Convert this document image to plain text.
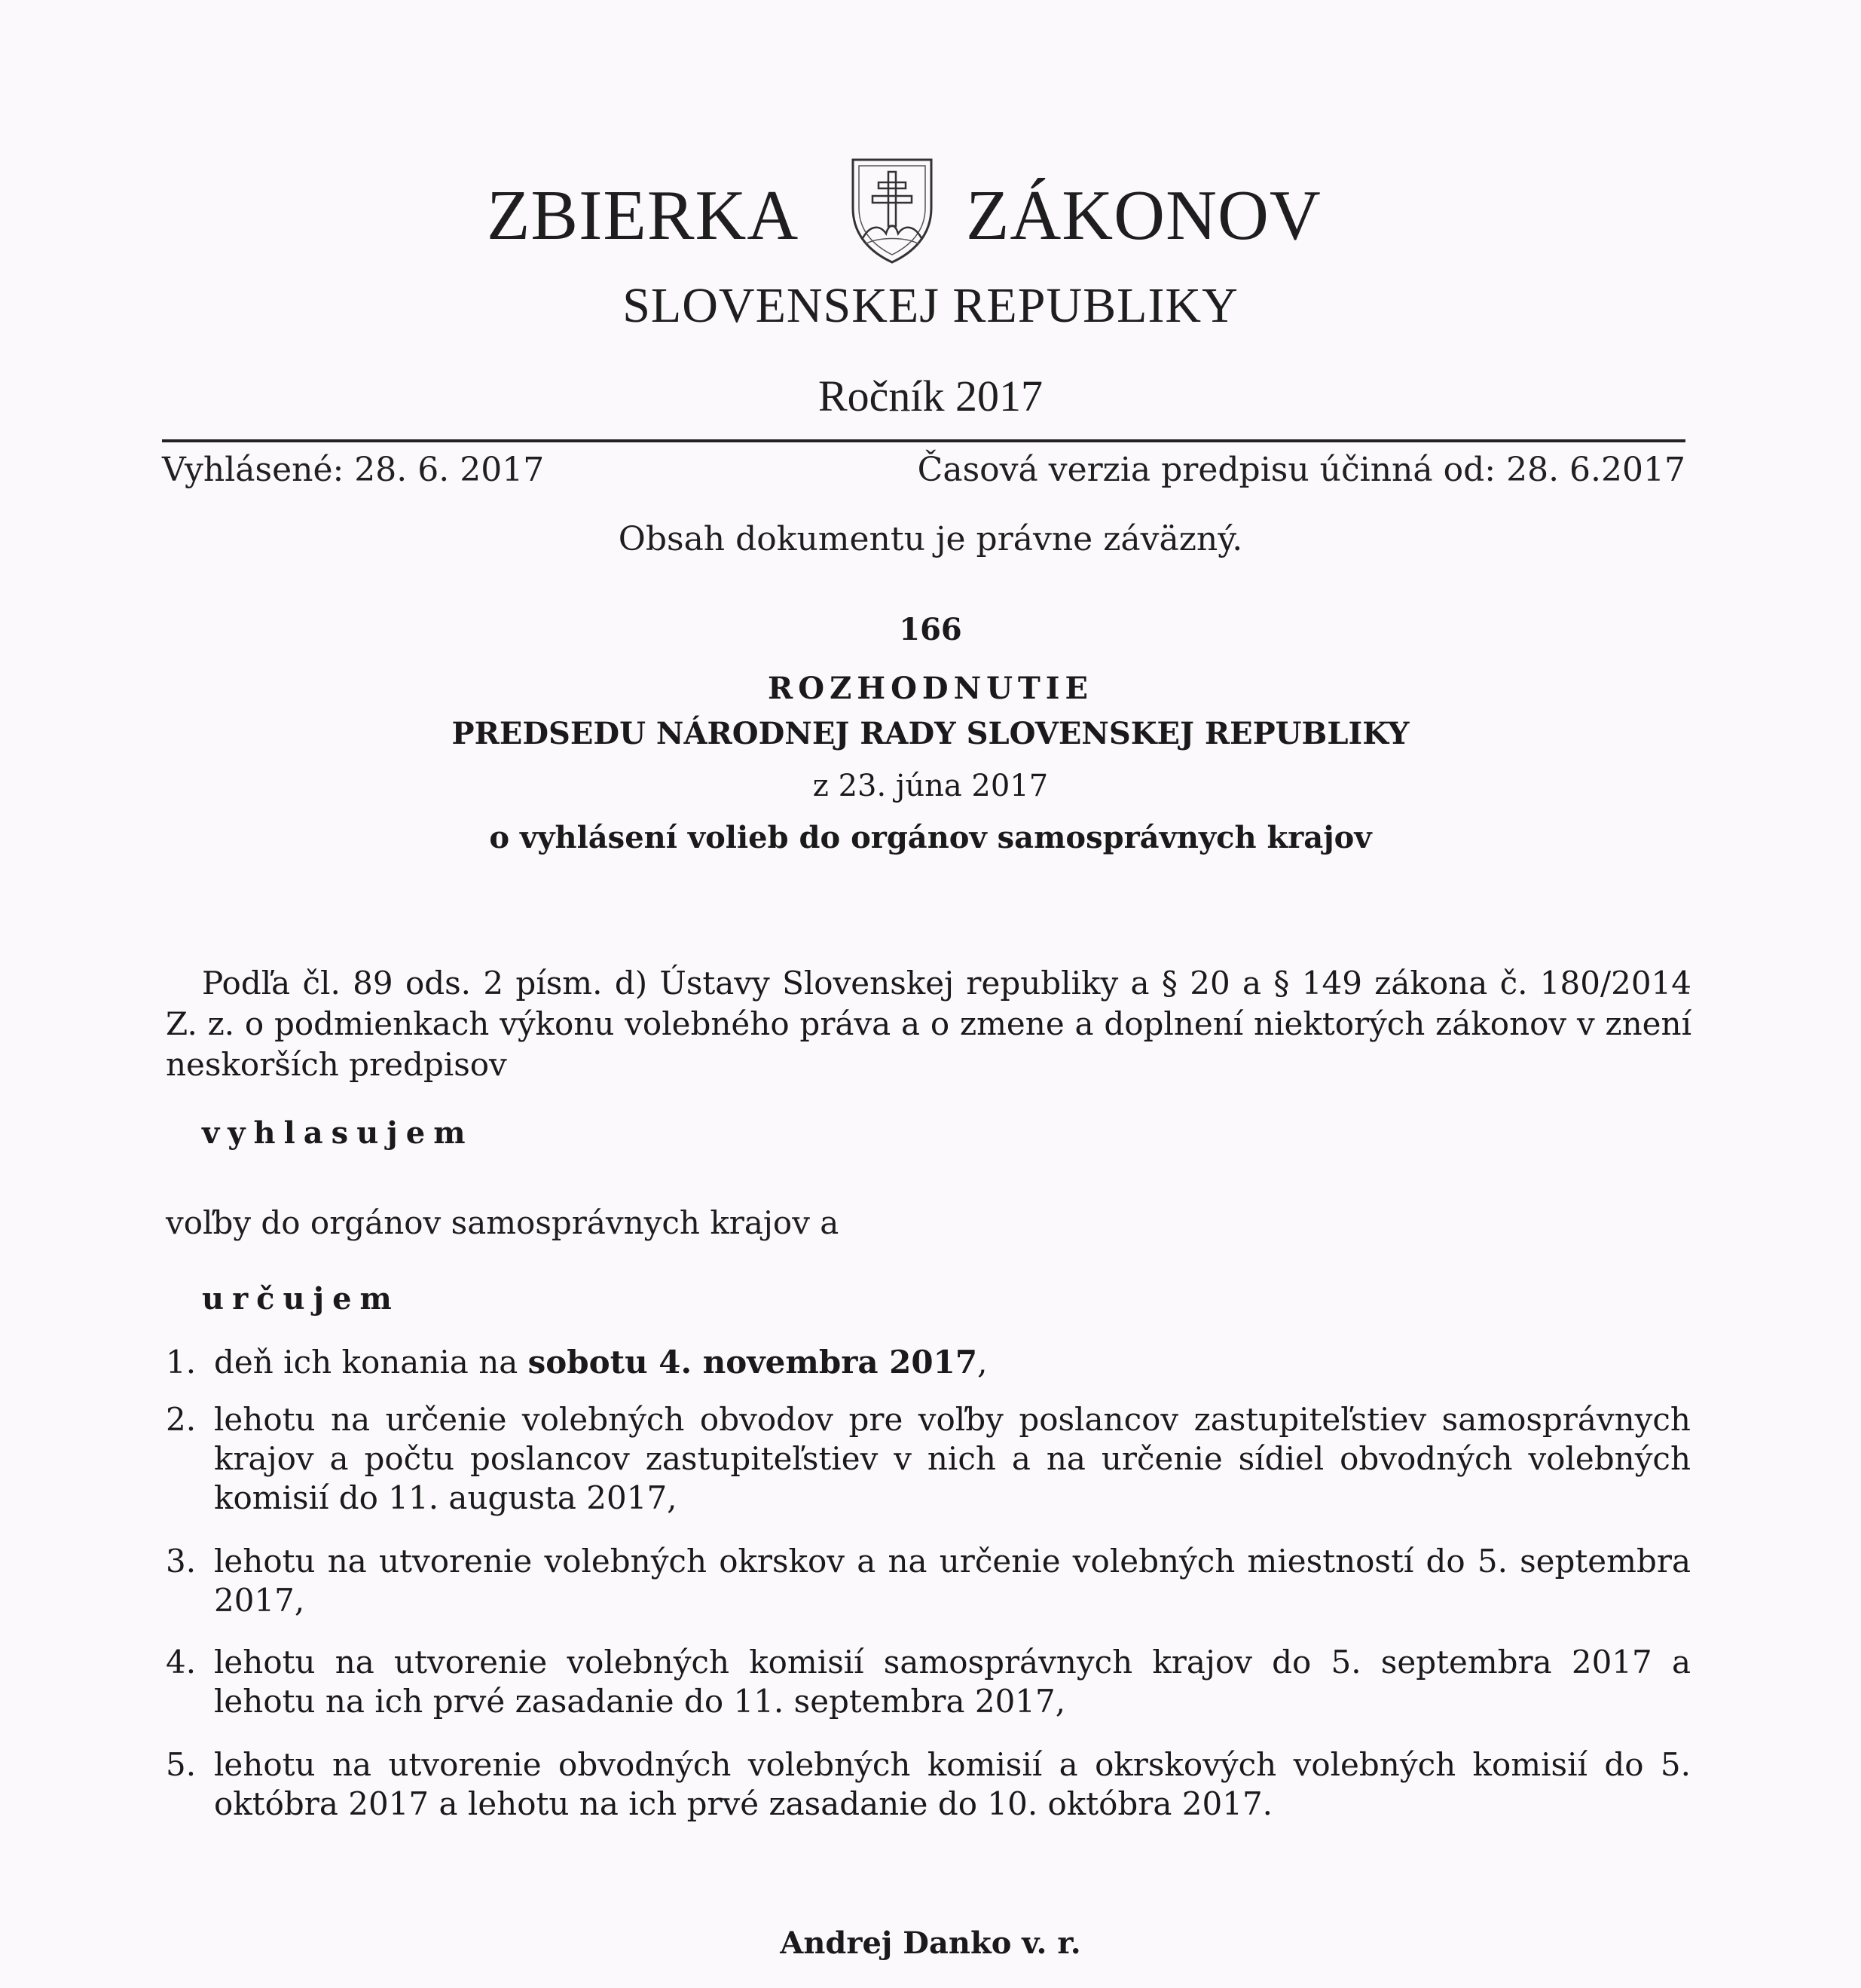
ZBIERKA ZÁKONOV
SLOVENSKEJ REPUBLIKY
Ročník 2017
Vyhlásené: 28. 6. 2017	Časová verzia predpisu účinná od: 28. 6.2017
Obsah dokumentu je právne záväzný.
166
ROZHODNUTIE
PREDSEDU NÁRODNEJ RADY SLOVENSKEJ REPUBLIKY
z 23. júna 2017
o vyhlásení volieb do orgánov samosprávnych krajov
Podľa čl. 89 ods. 2 písm. d) Ústavy Slovenskej republiky a § 20 a § 149 zákona č. 180/2014 Z. z. o podmienkach výkonu volebného práva a o zmene a doplnení niektorých zákonov v znení neskorších predpisov
vyhlasujem
voľby do orgánov samosprávnych krajov a
určujem
1. deň ich konania na sobotu 4. novembra 2017,
2. lehotu na určenie volebných obvodov pre voľby poslancov zastupiteľstiev samosprávnych krajov a počtu poslancov zastupiteľstiev v nich a na určenie sídiel obvodných volebných komisií do 11. augusta 2017,
3. lehotu na utvorenie volebných okrskov a na určenie volebných miestností do 5. septembra 2017,
4. lehotu na utvorenie volebných komisií samosprávnych krajov do 5. septembra 2017 a lehotu na ich prvé zasadanie do 11. septembra 2017,
5. lehotu na utvorenie obvodných volebných komisií a okrskových volebných komisií do 5. októbra 2017 a lehotu na ich prvé zasadanie do 10. októbra 2017.
Andrej Danko v. r.
